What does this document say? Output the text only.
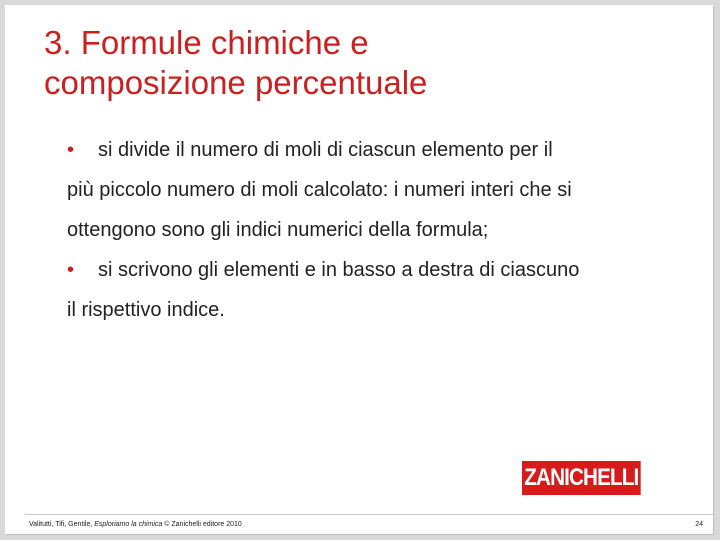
3. Formule chimiche e
composizione percentuale

• si divide il numero di moli di ciascun elemento per il
più piccolo numero di moli calcolato: i numeri interi che si
ottengono sono gli indici numerici della formula;

• si scrivono gli elementi e in basso a destra di ciascuno
il rispettivo indice.

ZANICHELLI
Valitutti, Tifi, Gentile, Esploriamo la chimica © Zanichelli editore 2010	24
